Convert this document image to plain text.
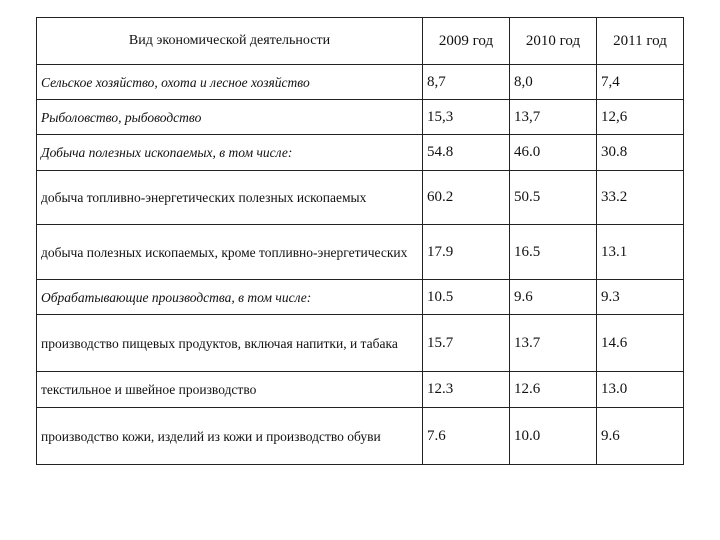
Вид экономической деятельности	2009 год	2010 год	2011 год
Сельское хозяйство, охота и лесное хозяйство	8,7	8,0	7,4
Рыболовство, рыбоводство	15,3	13,7	12,6
Добыча полезных ископаемых, в том числе:	54.8	46.0	30.8
добыча топливно-энергетических полезных ископаемых	60.2	50.5	33.2
добыча полезных ископаемых, кроме топливно-энергетических	17.9	16.5	13.1
Обрабатывающие производства, в том числе:	10.5	9.6	9.3
производство пищевых продуктов, включая напитки, и табака	15.7	13.7	14.6
текстильное и швейное производство	12.3	12.6	13.0
производство кожи, изделий из кожи и производство обуви	7.6	10.0	9.6
